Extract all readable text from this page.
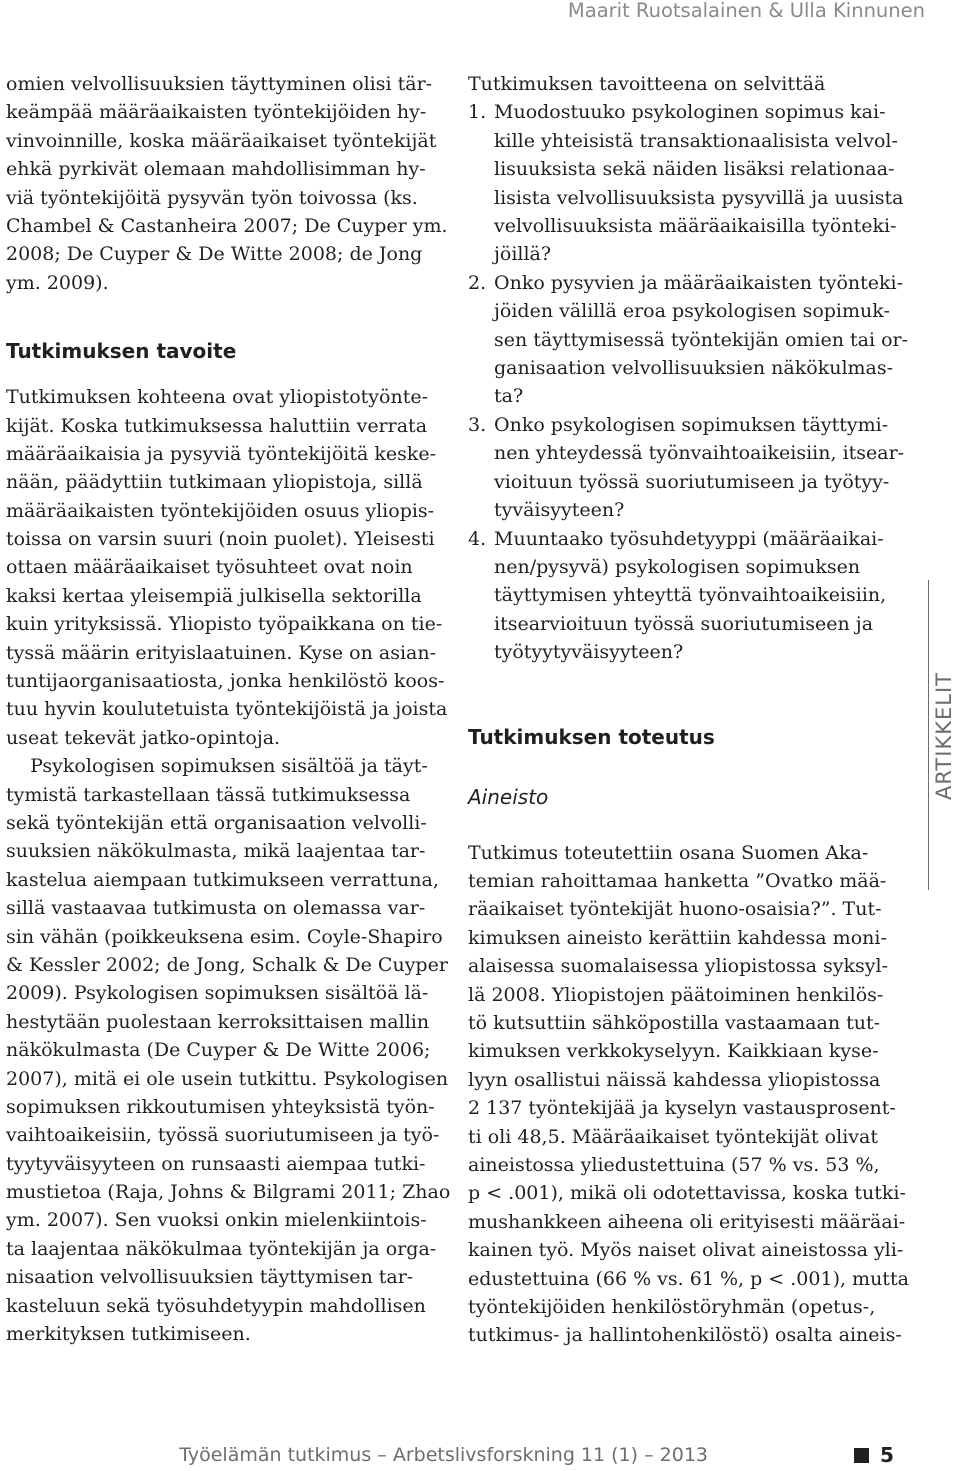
Maarit Ruotsalainen & Ulla Kinnunen
omien velvollisuuksien täyttyminen olisi tär-
keämpää määräaikaisten työntekijöiden hy-
vinvoinnille, koska määräaikaiset työntekijät
ehkä pyrkivät olemaan mahdollisimman hy-
viä työntekijöitä pysyvän työn toivossa (ks.
Chambel & Castanheira 2007; De Cuyper ym.
2008; De Cuyper & De Witte 2008; de Jong
ym. 2009).
Tutkimuksen tavoite
Tutkimuksen kohteena ovat yliopistotyönte-
kijät. Koska tutkimuksessa haluttiin verrata
määräaikaisia ja pysyviä työntekijöitä keske-
nään, päädyttiin tutkimaan yliopistoja, sillä
määräaikaisten työntekijöiden osuus yliopis-
toissa on varsin suuri (noin puolet). Yleisesti
ottaen määräaikaiset työsuhteet ovat noin
kaksi kertaa yleisempiä julkisella sektorilla
kuin yrityksissä. Yliopisto työpaikkana on tie-
tyssä määrin erityislaatuinen. Kyse on asian-
tuntijaorganisaatiosta, jonka henkilöstö koos-
tuu hyvin koulutetuista työntekijöistä ja joista
useat tekevät jatko-opintoja.
Psykologisen sopimuksen sisältöä ja täyt-
tymistä tarkastellaan tässä tutkimuksessa
sekä työntekijän että organisaation velvolli-
suuksien näkökulmasta, mikä laajentaa tar-
kastelua aiempaan tutkimukseen verrattuna,
sillä vastaavaa tutkimusta on olemassa var-
sin vähän (poikkeuksena esim. Coyle-Shapiro
& Kessler 2002; de Jong, Schalk & De Cuyper
2009). Psykologisen sopimuksen sisältöä lä-
hestytään puolestaan kerroksittaisen mallin
näkökulmasta (De Cuyper & De Witte 2006;
2007), mitä ei ole usein tutkittu. Psykologisen
sopimuksen rikkoutumisen yhteyksistä työn-
vaihtoaikeisiin, työssä suoriutumiseen ja työ-
tyytyväisyyteen on runsaasti aiempaa tutki-
mustietoa (Raja, Johns & Bilgrami 2011; Zhao
ym. 2007). Sen vuoksi onkin mielenkiintois-
ta laajentaa näkökulmaa työntekijän ja orga-
nisaation velvollisuuksien täyttymisen tar-
kasteluun sekä työsuhdetyypin mahdollisen
merkityksen tutkimiseen.
Tutkimuksen tavoitteena on selvittää
1. Muodostuuko psykologinen sopimus kai-
kille yhteisistä transaktionaalisista velvol-
lisuuksista sekä näiden lisäksi relationaa-
lisista velvollisuuksista pysyvillä ja uusista
velvollisuuksista määräaikaisilla työnteki-
jöillä?
2. Onko pysyvien ja määräaikaisten työnteki-
jöiden välillä eroa psykologisen sopimuk-
sen täyttymisessä työntekijän omien tai or-
ganisaation velvollisuuksien näkökulmas-
ta?
3. Onko psykologisen sopimuksen täyttymi-
nen yhteydessä työnvaihtoaikeisiin, itsear-
vioituun työssä suoriutumiseen ja työtyy-
tyväisyyteen?
4. Muuntaako työsuhdetyyppi (määräaikai-
nen/pysyvä) psykologisen sopimuksen
täyttymisen yhteyttä työnvaihtoaikeisiin,
itsearvioituun työssä suoriutumiseen ja
työtyytyväisyyteen?
Tutkimuksen toteutus
Aineisto
Tutkimus toteutettiin osana Suomen Aka-
temian rahoittamaa hanketta ”Ovatko mää-
räaikaiset työntekijät huono-osaisia?”. Tut-
kimuksen aineisto kerättiin kahdessa moni-
alaisessa suomalaisessa yliopistossa syksyl-
lä 2008. Yliopistojen päätoiminen henkilös-
tö kutsuttiin sähköpostilla vastaamaan tut-
kimuksen verkkokyselyyn. Kaikkiaan kyse-
lyyn osallistui näissä kahdessa yliopistossa
2 137 työntekijää ja kyselyn vastausprosent-
ti oli 48,5. Määräaikaiset työntekijät olivat
aineistossa yliedustettuina (57 % vs. 53 %,
p < .001), mikä oli odotettavissa, koska tutki-
mushankkeen aiheena oli erityisesti määräai-
kainen työ. Myös naiset olivat aineistossa yli-
edustettuina (66 % vs. 61 %, p < .001), mutta
työntekijöiden henkilöstöryhmän (opetus-,
tutkimus- ja hallintohenkilöstö) osalta aineis-
ARTIKKELIT
Työelämän tutkimus – Arbetslivsforskning 11 (1) – 2013	5
